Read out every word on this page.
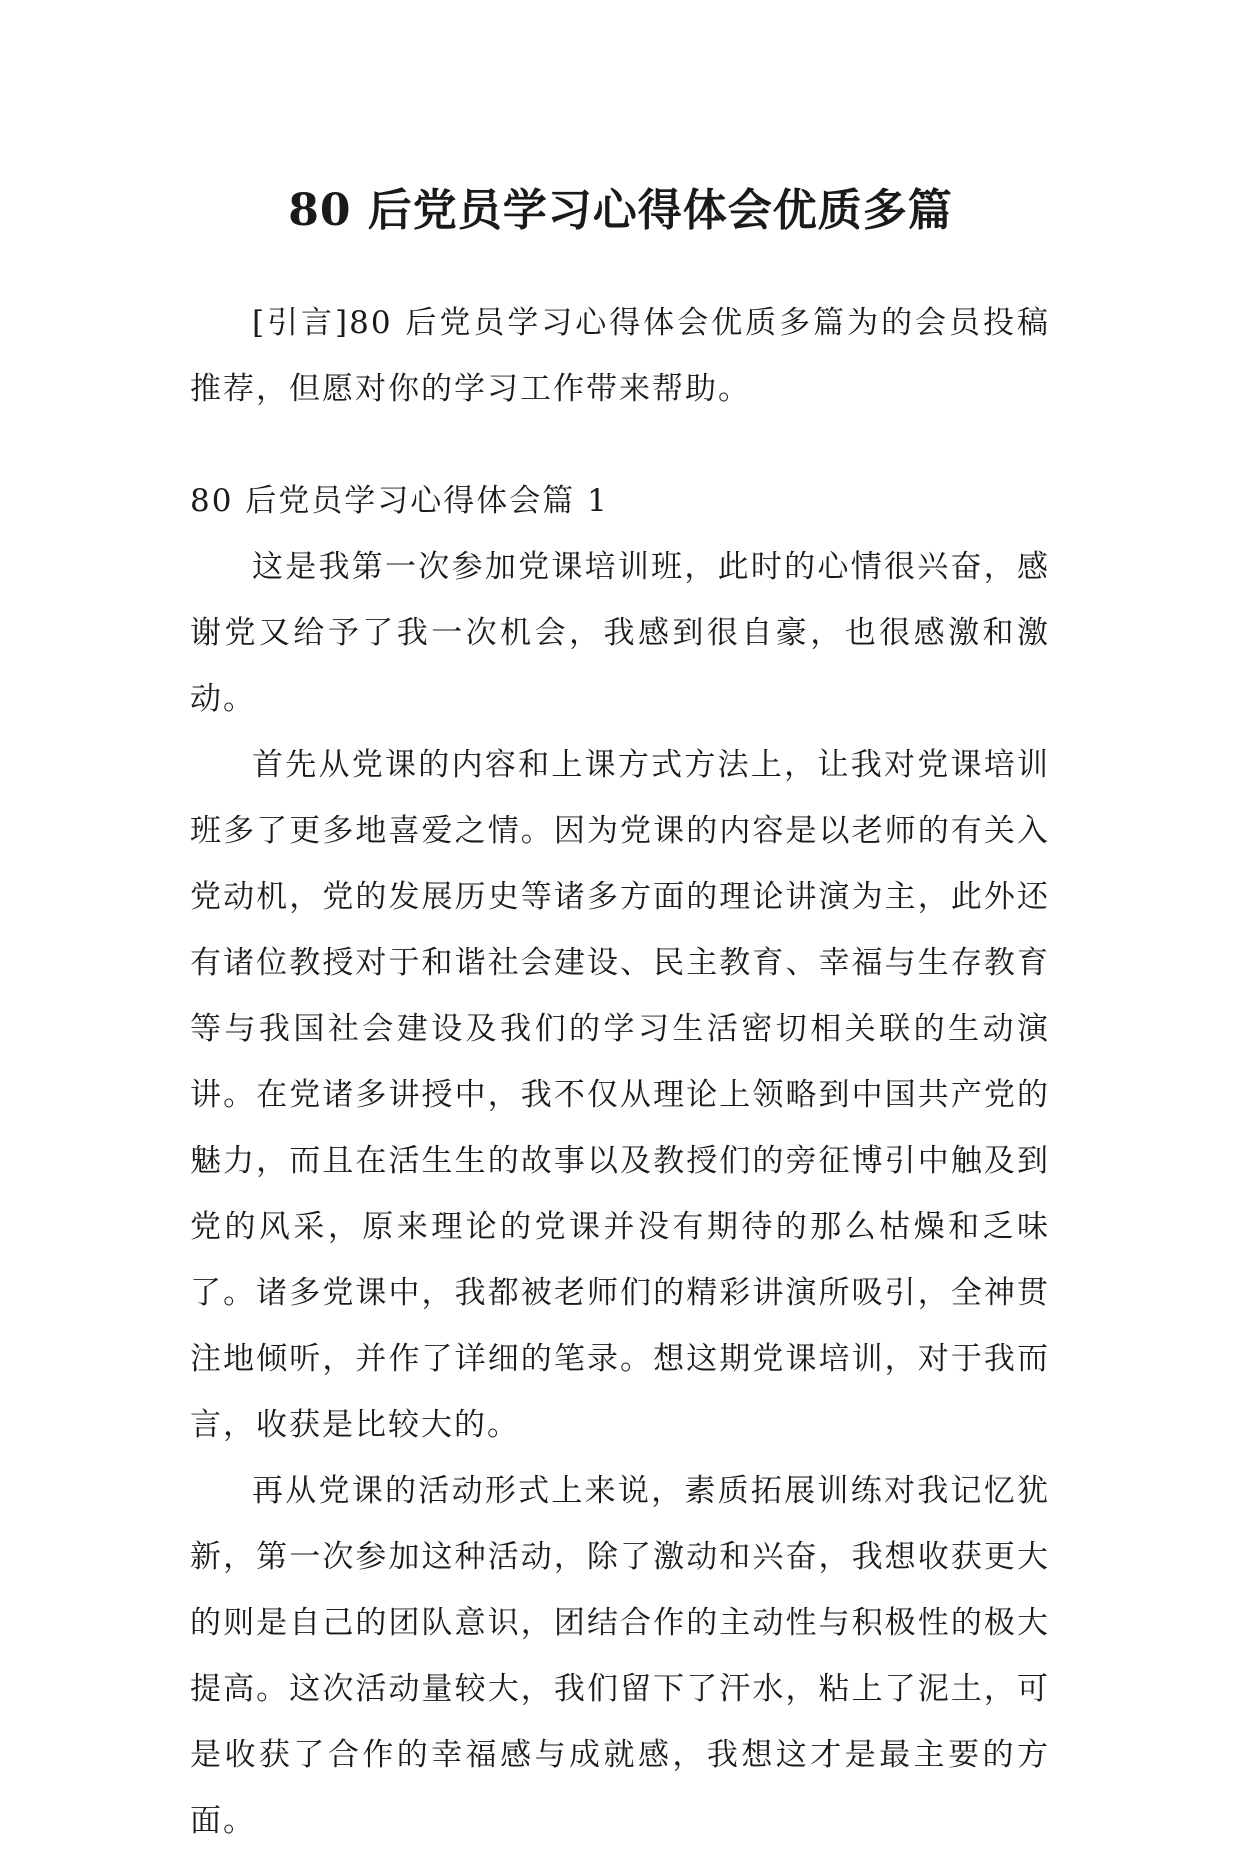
80 后党员学习心得体会优质多篇

[引言]80 后党员学习心得体会优质多篇为的会员投稿推荐，但愿对你的学习工作带来帮助。

80 后党员学习心得体会篇 1

这是我第一次参加党课培训班，此时的心情很兴奋，感谢党又给予了我一次机会，我感到很自豪，也很感激和激动。

首先从党课的内容和上课方式方法上，让我对党课培训班多了更多地喜爱之情。因为党课的内容是以老师的有关入党动机，党的发展历史等诸多方面的理论讲演为主，此外还有诸位教授对于和谐社会建设、民主教育、幸福与生存教育等与我国社会建设及我们的学习生活密切相关联的生动演讲。在党诸多讲授中，我不仅从理论上领略到中国共产党的魅力，而且在活生生的故事以及教授们的旁征博引中触及到党的风采，原来理论的党课并没有期待的那么枯燥和乏味了。诸多党课中，我都被老师们的精彩讲演所吸引，全神贯注地倾听，并作了详细的笔录。想这期党课培训，对于我而言，收获是比较大的。

再从党课的活动形式上来说，素质拓展训练对我记忆犹新，第一次参加这种活动，除了激动和兴奋，我想收获更大的则是自己的团队意识，团结合作的主动性与积极性的极大提高。这次活动量较大，我们留下了汗水，粘上了泥土，可是收获了合作的幸福感与成就感，我想这才是最主要的方面。
